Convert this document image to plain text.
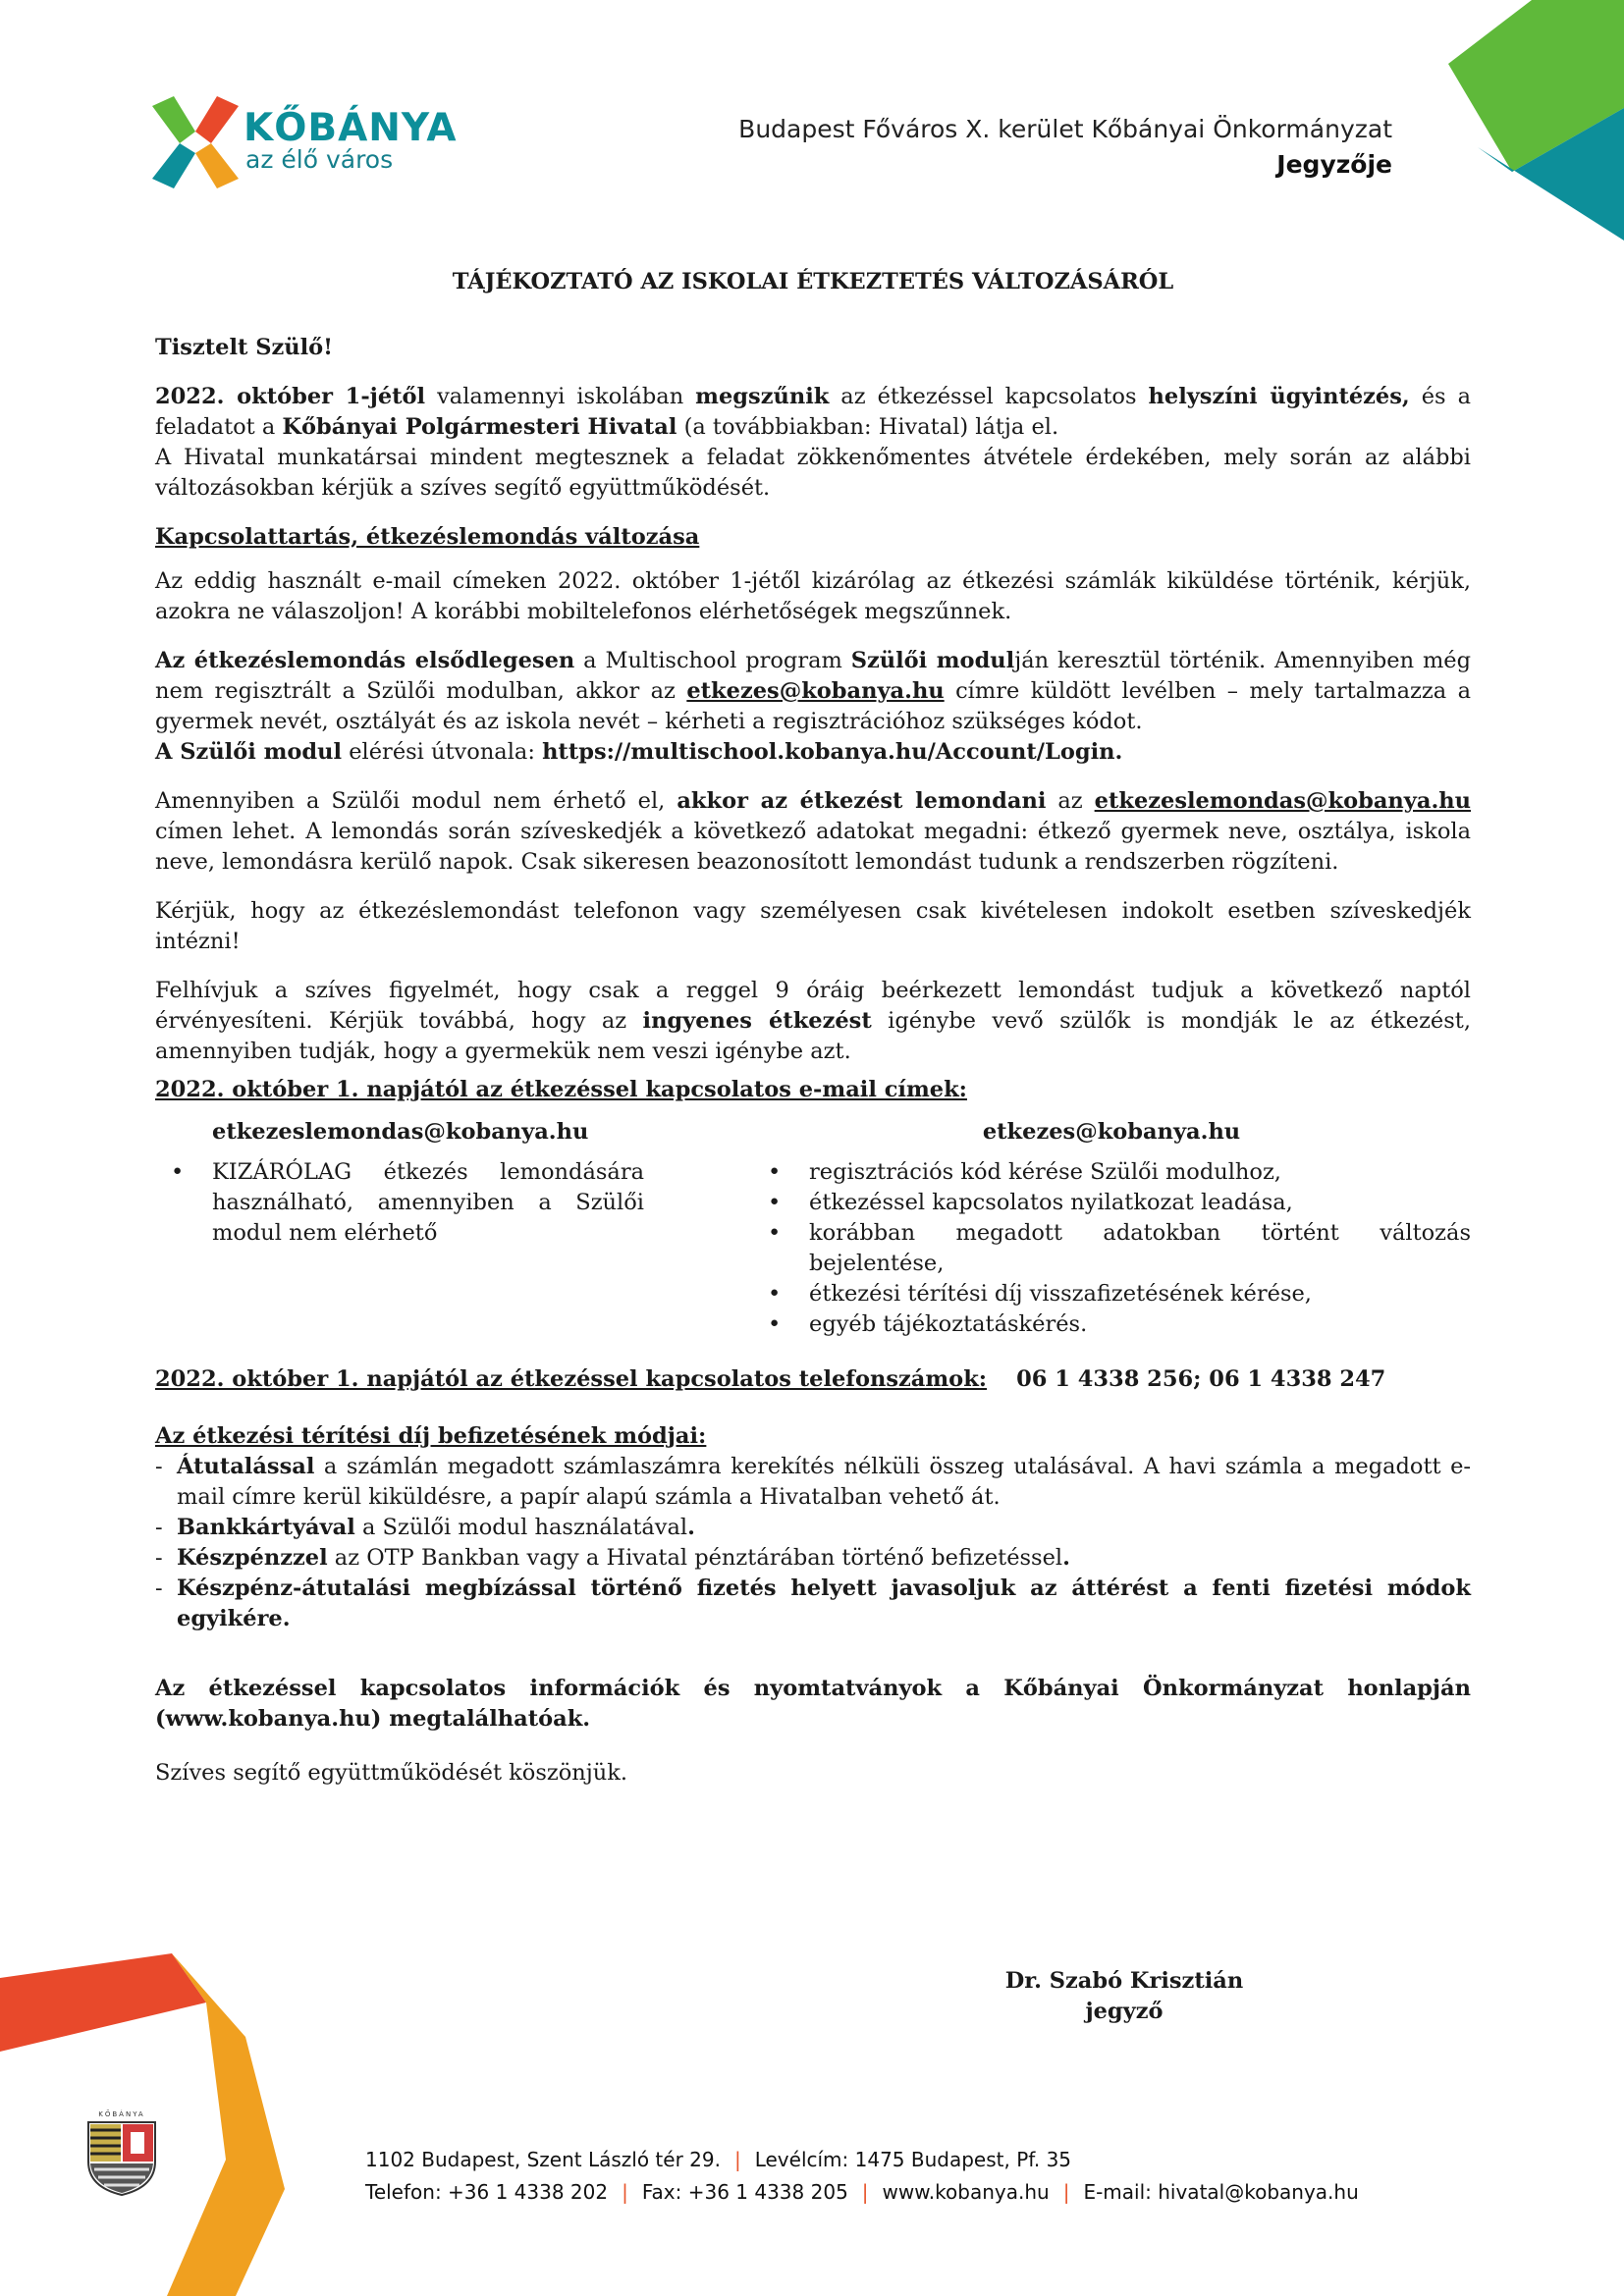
KŐBÁNYA
az élő város
Budapest Főváros X. kerület Kőbányai Önkormányzat
Jegyzője

TÁJÉKOZTATÓ AZ ISKOLAI ÉTKEZTETÉS VÁLTOZÁSÁRÓL

Tisztelt Szülő!

2022. október 1-jétől valamennyi iskolában megszűnik az étkezéssel kapcsolatos helyszíni ügyintézés, és a feladatot a Kőbányai Polgármesteri Hivatal (a továbbiakban: Hivatal) látja el.

A Hivatal munkatársai mindent megtesznek a feladat zökkenőmentes átvétele érdekében, mely során az alábbi változásokban kérjük a szíves segítő együttműködését.

Kapcsolattartás, étkezéslemondás változása

Az eddig használt e-mail címeken 2022. október 1-jétől kizárólag az étkezési számlák kiküldése történik, kérjük, azokra ne válaszoljon! A korábbi mobiltelefonos elérhetőségek megszűnnek.

Az étkezéslemondás elsődlegesen a Multischool program Szülői modulján keresztül történik. Amennyiben még nem regisztrált a Szülői modulban, akkor az etkezes@kobanya.hu címre küldött levélben – mely tartalmazza a gyermek nevét, osztályát és az iskola nevét – kérheti a regisztrációhoz szükséges kódot.

A Szülői modul elérési útvonala: https://multischool.kobanya.hu/Account/Login.

Amennyiben a Szülői modul nem érhető el, akkor az étkezést lemondani az etkezeslemondas@kobanya.hu címen lehet. A lemondás során szíveskedjék a következő adatokat megadni: étkező gyermek neve, osztálya, iskola neve, lemondásra kerülő napok. Csak sikeresen beazonosított lemondást tudunk a rendszerben rögzíteni.

Kérjük, hogy az étkezéslemondást telefonon vagy személyesen csak kivételesen indokolt esetben szíveskedjék intézni!

Felhívjuk a szíves figyelmét, hogy csak a reggel 9 óráig beérkezett lemondást tudjuk a következő naptól érvényesíteni. Kérjük továbbá, hogy az ingyenes étkezést igénybe vevő szülők is mondják le az étkezést, amennyiben tudják, hogy a gyermekük nem veszi igénybe azt.

2022. október 1. napjától az étkezéssel kapcsolatos e-mail címek:

etkezeslemondas@kobanya.hu
• KIZÁRÓLAG étkezés lemondására használható, amennyiben a Szülői modul nem elérhető
etkezes@kobanya.hu
• regisztrációs kód kérése Szülői modulhoz,
• étkezéssel kapcsolatos nyilatkozat leadása,
• korábban megadott adatokban történt változás bejelentése,
• étkezési térítési díj visszafizetésének kérése,
• egyéb tájékoztatáskérés.
2022. október 1. napjától az étkezéssel kapcsolatos telefonszámok: 06 1 4338 256; 06 1 4338 247

Az étkezési térítési díj befizetésének módjai:

- Átutalással a számlán megadott számlaszámra kerekítés nélküli összeg utalásával. A havi számla a megadott e-mail címre kerül kiküldésre, a papír alapú számla a Hivatalban vehető át.
- Bankkártyával a Szülői modul használatával.
- Készpénzzel az OTP Bankban vagy a Hivatal pénztárában történő befizetéssel.
- Készpénz-átutalási megbízással történő fizetés helyett javasoljuk az áttérést a fenti fizetési módok egyikére.

Az étkezéssel kapcsolatos információk és nyomtatványok a Kőbányai Önkormányzat honlapján (www.kobanya.hu) megtalálhatóak.

Szíves segítő együttműködését köszönjük.

Dr. Szabó Krisztián
jegyző
KŐBÁNYA
1102 Budapest, Szent László tér 29. | Levélcím: 1475 Budapest, Pf. 35
Telefon: +36 1 4338 202 | Fax: +36 1 4338 205 | www.kobanya.hu | E-mail: hivatal@kobanya.hu
